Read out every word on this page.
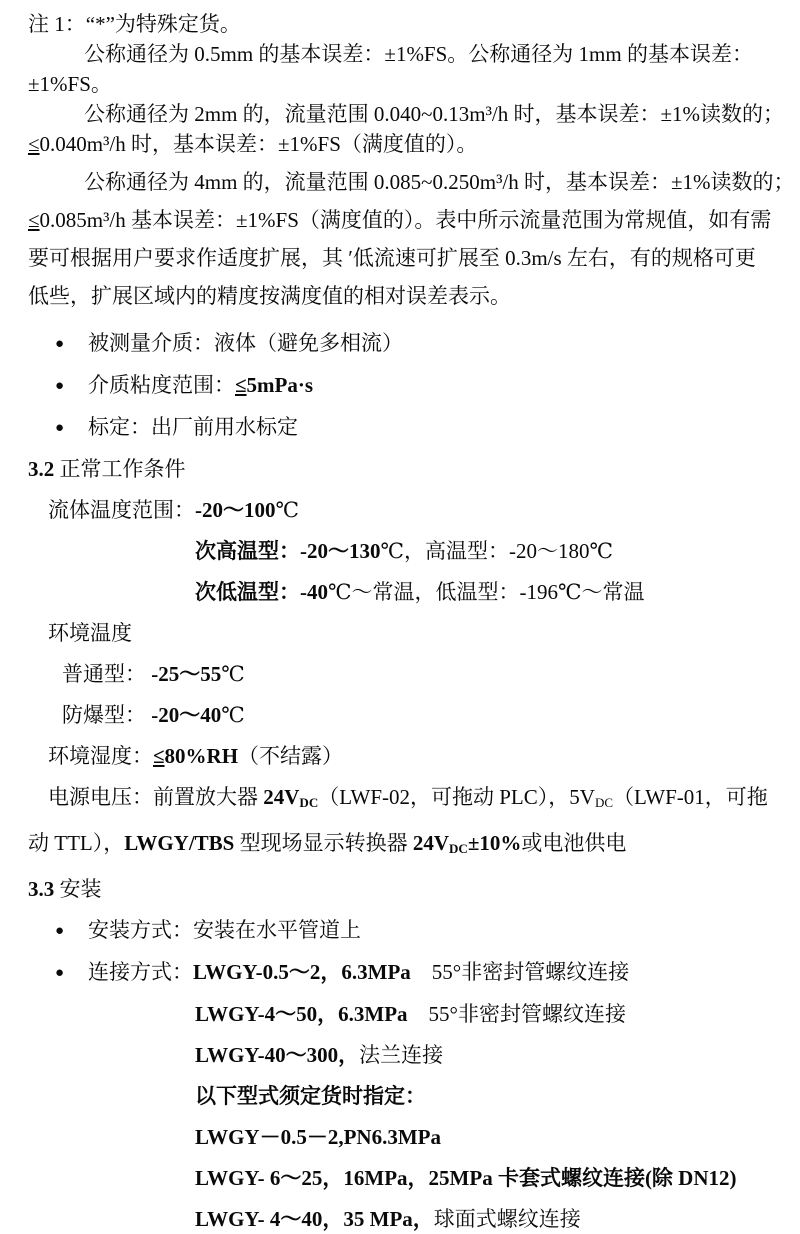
注 1：“*”为特殊定货。
公称通径为 0.5mm 的基本误差：±1%FS。公称通径为 1mm 的基本误差：
±1%FS。
公称通径为 2mm 的，流量范围 0.040~0.13m³/h 时，基本误差：±1%读数的；
≤0.040m³/h 时，基本误差：±1%FS（满度值的）。
公称通径为 4mm 的，流量范围 0.085~0.250m³/h 时，基本误差：±1%读数的；
≤0.085m³/h 基本误差：±1%FS（满度值的）。表中所示流量范围为常规值，如有需
要可根据用户要求作适度扩展，其 ′低流速可扩展至 0.3m/s 左右，有的规格可更
低些，扩展区域内的精度按满度值的相对误差表示。
● 被测量介质：液体（避免多相流）
● 介质粘度范围：≤5mPa·s
● 标定：出厂前用水标定
3.2 正常工作条件
流体温度范围：-20～100℃
次高温型：-20～130℃，高温型：-20～180℃
次低温型：-40℃～常温，低温型：-196℃～常温
环境温度
普通型： -25～55℃
防爆型： -20～40℃
环境湿度：≤80%RH（不结露）
电源电压：前置放大器 $24V_{DC}(LWF-02$，可拖动 PLC），$5V_{DC}(LWF-01$，可拖
动 TTL），LWGY/TBS 型现场显示转换器 $24V_{DC}\pm 10\%$或电池供电
3.3 安装
● 安装方式：安装在水平管道上
● 连接方式：LWGY-0.5～2，6.3MPa　55°非密封管螺纹连接
LWGY-4～50，6.3MPa　55°非密封管螺纹连接
LWGY-40～300，法兰连接
以下型式须定货时指定：
LWGY－0.5－2,PN6.3MPa
LWGY- 6～25，16MPa，25MPa 卡套式螺纹连接(除 DN12)
LWGY- 4～40，35 MPa，球面式螺纹连接
